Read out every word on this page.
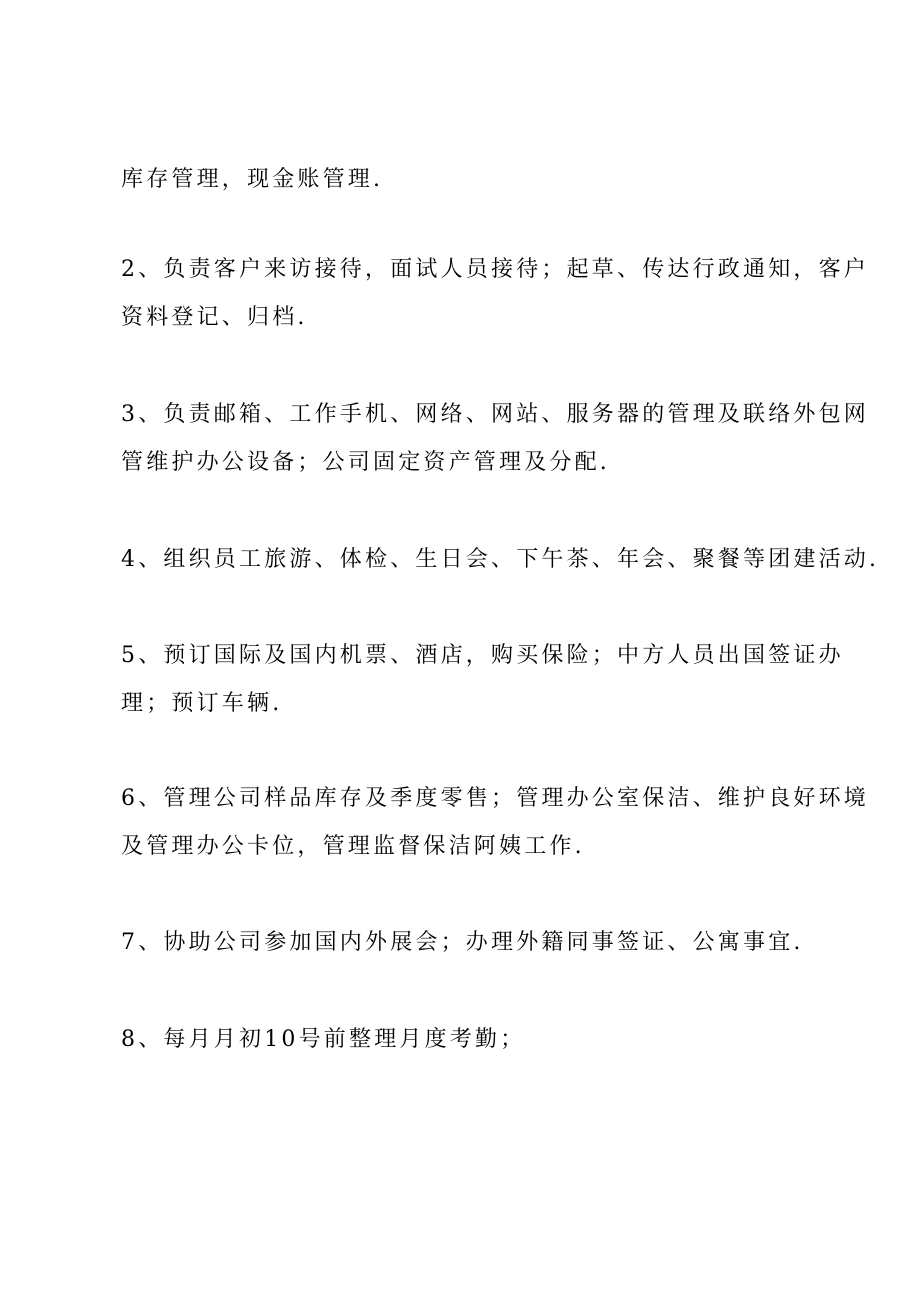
库存管理，现金账管理.

2、负责客户来访接待，面试人员接待；起草、传达行政通知，客户
资料登记、归档.

3、负责邮箱、工作手机、网络、网站、服务器的管理及联络外包网
管维护办公设备；公司固定资产管理及分配.

4、组织员工旅游、体检、生日会、下午茶、年会、聚餐等团建活动.

5、预订国际及国内机票、酒店，购买保险；中方人员出国签证办
理；预订车辆.

6、管理公司样品库存及季度零售；管理办公室保洁、维护良好环境
及管理办公卡位，管理监督保洁阿姨工作.

7、协助公司参加国内外展会；办理外籍同事签证、公寓事宜.

8、每月月初10号前整理月度考勤；
